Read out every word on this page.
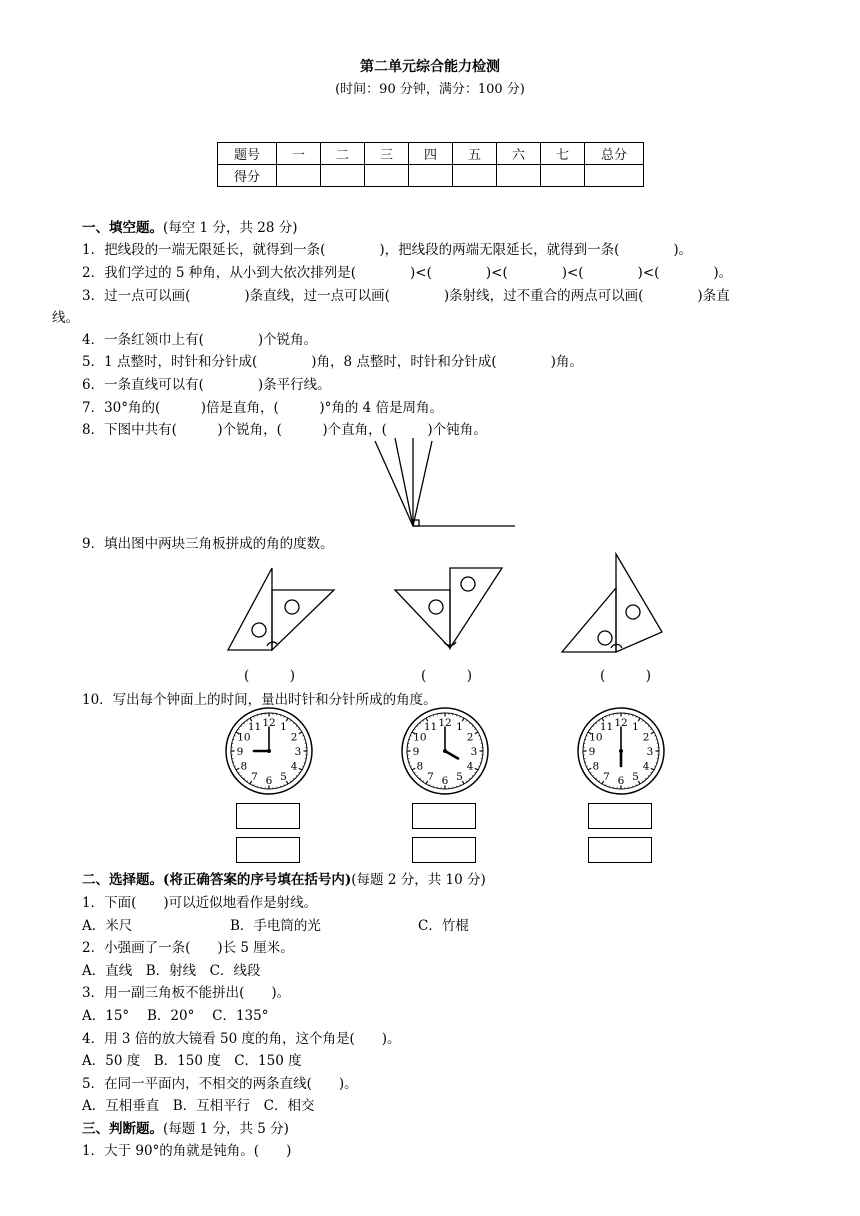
第二单元综合能力检测
(时间：90 分钟，满分：100 分)
题号	一	二	三	四	五	六	七	总分
得分								
一、填空题。(每空 1 分，共 28 分)
1．把线段的一端无限延长，就得到一条(　　　　)，把线段的两端无限延长，就得到一条(　　　　)。
2．我们学过的 5 种角，从小到大依次排列是(　　　　)<(　　　　)<(　　　　)<(　　　　)<(　　　　)。
3．过一点可以画(　　　　)条直线，过一点可以画(　　　　)条射线，过不重合的两点可以画(　　　　)条直
线。
4．一条红领巾上有(　　　　)个锐角。
5．1 点整时，时针和分针成(　　　　)角，8 点整时，时针和分针成(　　　　)角。
6．一条直线可以有(　　　　)条平行线。
7．30°角的(　　　)倍是直角，(　　　)°角的 4 倍是周角。
8．下图中共有(　　　)个锐角，(　　　)个直角，(　　　)个钝角。
9．填出图中两块三角板拼成的角的度数。
(　　　)	(　　　)	(　　　)
10．写出每个钟面上的时间，量出时针和分针所成的角度。
12 1
2
3
4
5
6
7
8
9
10
11	12 1
2
3
4
5
6
7
8
9
10
11	12 1
2
3
4
5
6
7
8
9
10
11
二、选择题。(将正确答案的序号填在括号内)(每题 2 分，共 10 分)
1．下面(　　)可以近似地看作是射线。
A．米尺	B．手电筒的光	C．竹棍
2．小强画了一条(　　)长 5 厘米。
A．直线　B．射线　C．线段
3．用一副三角板不能拼出(　　)。
A．15°　 B．20°　 C．135°
4．用 3 倍的放大镜看 50 度的角，这个角是(　　)。
A．50 度　B．150 度　C．150 度
5．在同一平面内，不相交的两条直线(　　)。
A．互相垂直　B．互相平行　C．相交
三、判断题。(每题 1 分，共 5 分)
1．大于 90°的角就是钝角。(　　)
